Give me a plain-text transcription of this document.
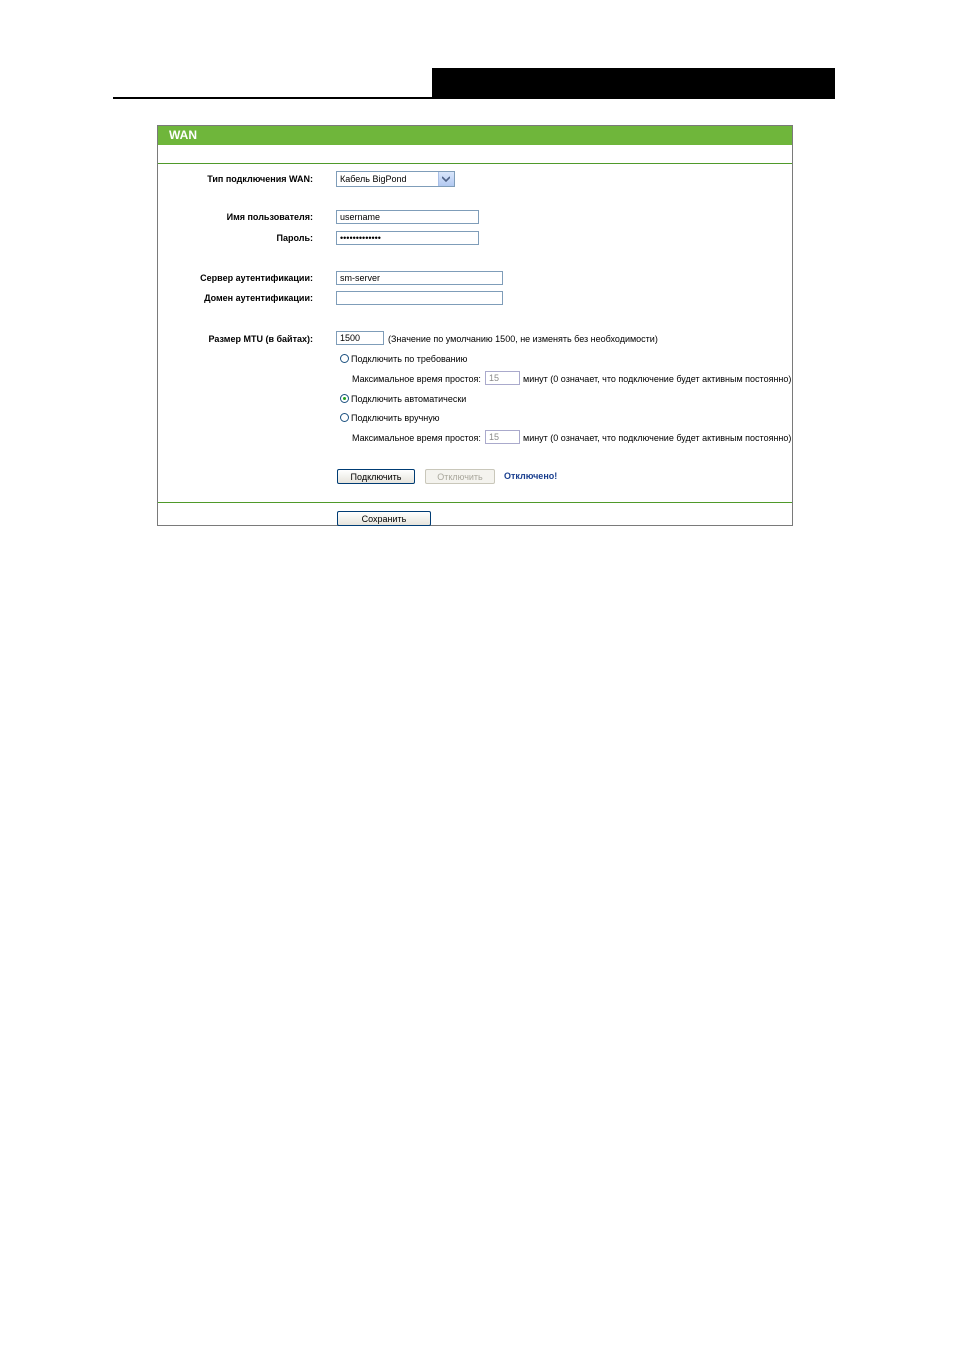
WAN
Тип подключения WAN:	Кабель BigPond
Имя пользователя:
username
Пароль:
•••••••••••••
Сервер аутентификации:
sm-server
Домен аутентификации:
Размер MTU (в байтах):
1500	(Значение по умолчанию 1500, не изменять без необходимости)
Подключить по требованию
Максимальное время простоя:
15	минут (0 означает, что подключение будет активным постоянно)
Подключить автоматически
Подключить вручную
Максимальное время простоя:
15	минут (0 означает, что подключение будет активным постоянно)
Подключить	Отключить	Отключено!
Сохранить
